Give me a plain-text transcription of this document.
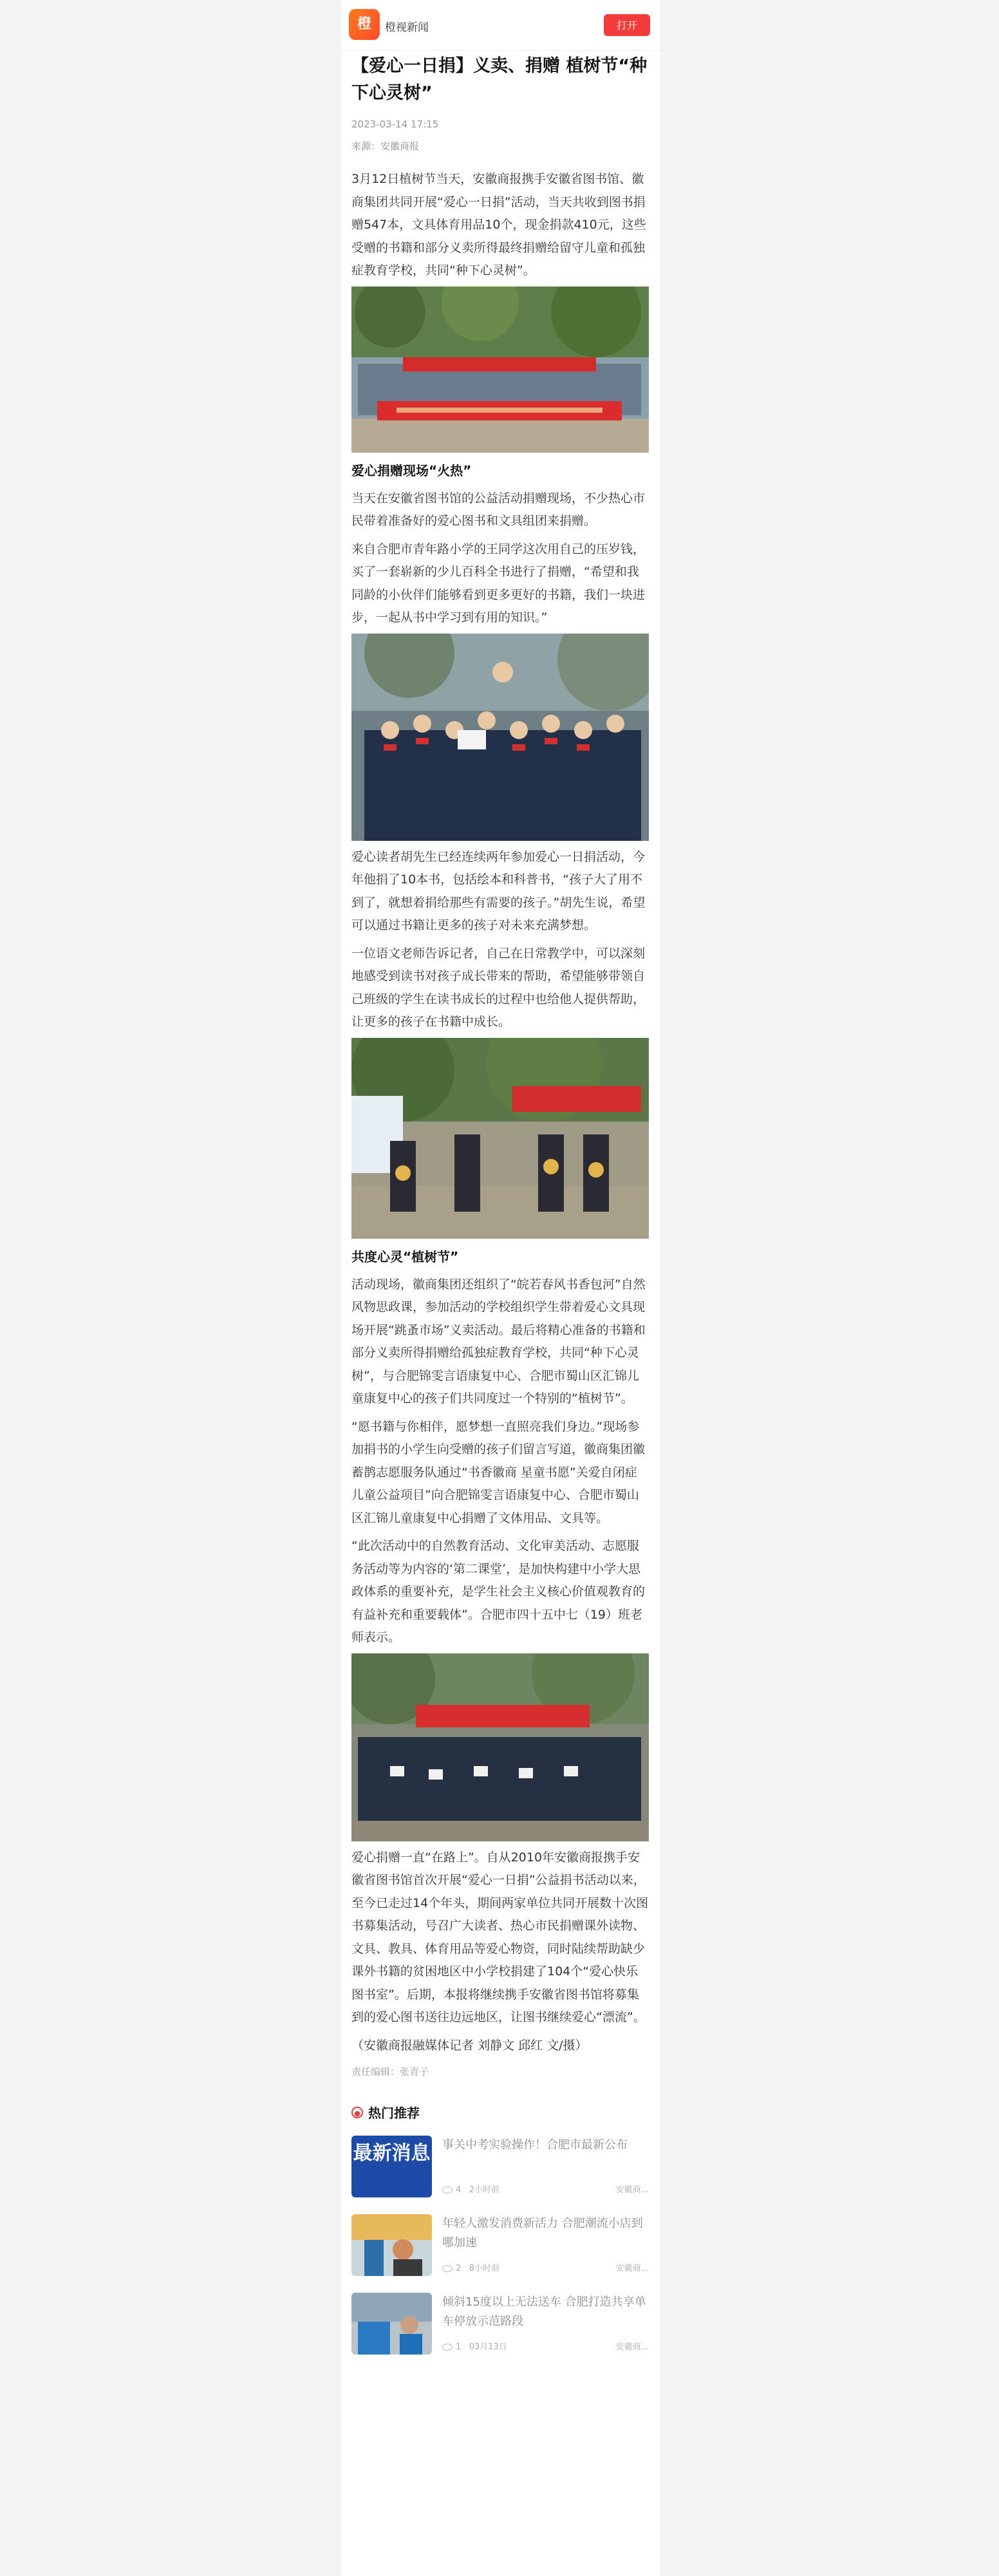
橙	橙视新闻	打开
【爱心一日捐】义卖、捐赠 植树节“种下心灵树”
2023-03-14 17:15
来源：安徽商报

3月12日植树节当天，安徽商报携手安徽省图书馆、徽商集团共同开展“爱心一日捐”活动，当天共收到图书捐赠547本，文具体育用品10个，现金捐款410元，这些受赠的书籍和部分义卖所得最终捐赠给留守儿童和孤独症教育学校，共同“种下心灵树”。

爱心捐赠现场“火热”

当天在安徽省图书馆的公益活动捐赠现场，不少热心市民带着准备好的爱心图书和文具组团来捐赠。

来自合肥市青年路小学的王同学这次用自己的压岁钱，买了一套崭新的少儿百科全书进行了捐赠，“希望和我同龄的小伙伴们能够看到更多更好的书籍，我们一块进步，一起从书中学习到有用的知识。”

爱心读者胡先生已经连续两年参加爱心一日捐活动，今年他捐了10本书，包括绘本和科普书，“孩子大了用不到了，就想着捐给那些有需要的孩子。”胡先生说，希望可以通过书籍让更多的孩子对未来充满梦想。

一位语文老师告诉记者，自己在日常教学中，可以深刻地感受到读书对孩子成长带来的帮助，希望能够带领自己班级的学生在读书成长的过程中也给他人提供帮助，让更多的孩子在书籍中成长。

共度心灵“植树节”

活动现场，徽商集团还组织了“皖若春风书香包河”自然风物思政课，参加活动的学校组织学生带着爱心文具现场开展“跳蚤市场”义卖活动。最后将精心准备的书籍和部分义卖所得捐赠给孤独症教育学校，共同“种下心灵树”，与合肥锦雯言语康复中心、合肥市蜀山区汇锦儿童康复中心的孩子们共同度过一个特别的“植树节”。

“愿书籍与你相伴，愿梦想一直照亮我们身边。”现场参加捐书的小学生向受赠的孩子们留言写道，徽商集团徽蓄鹊志愿服务队通过“书香徽商 星童书愿”关爱自闭症儿童公益项目”向合肥锦雯言语康复中心、合肥市蜀山区汇锦儿童康复中心捐赠了文体用品、文具等。

“此次活动中的自然教育活动、文化审美活动、志愿服务活动等为内容的‘第二课堂’，是加快构建中小学大思政体系的重要补充，是学生社会主义核心价值观教育的有益补充和重要载体”。合肥市四十五中七（19）班老师表示。

爱心捐赠一直“在路上”。自从2010年安徽商报携手安徽省图书馆首次开展“爱心一日捐”公益捐书活动以来，至今已走过14个年头，期间两家单位共同开展数十次图书募集活动，号召广大读者、热心市民捐赠课外读物、文具、教具、体育用品等爱心物资，同时陆续帮助缺少课外书籍的贫困地区中小学校捐建了104个“爱心快乐图书室”。后期，本报将继续携手安徽省图书馆将募集到的爱心图书送往边远地区，让图书继续爱心“漂流”。

（安徽商报融媒体记者 刘静文 邱红 文/摄）

责任编辑：张青子
● 热门推荐
最新消息 事关中考实验操作！合肥市最新公布
4 2小时前	安徽商...
年轻人激发消费新活力 合肥潮流小店到哪加速
2 8小时前	安徽商...
倾斜15度以上无法送车 合肥打造共享单车停放示范路段
1 03月13日	安徽商...
